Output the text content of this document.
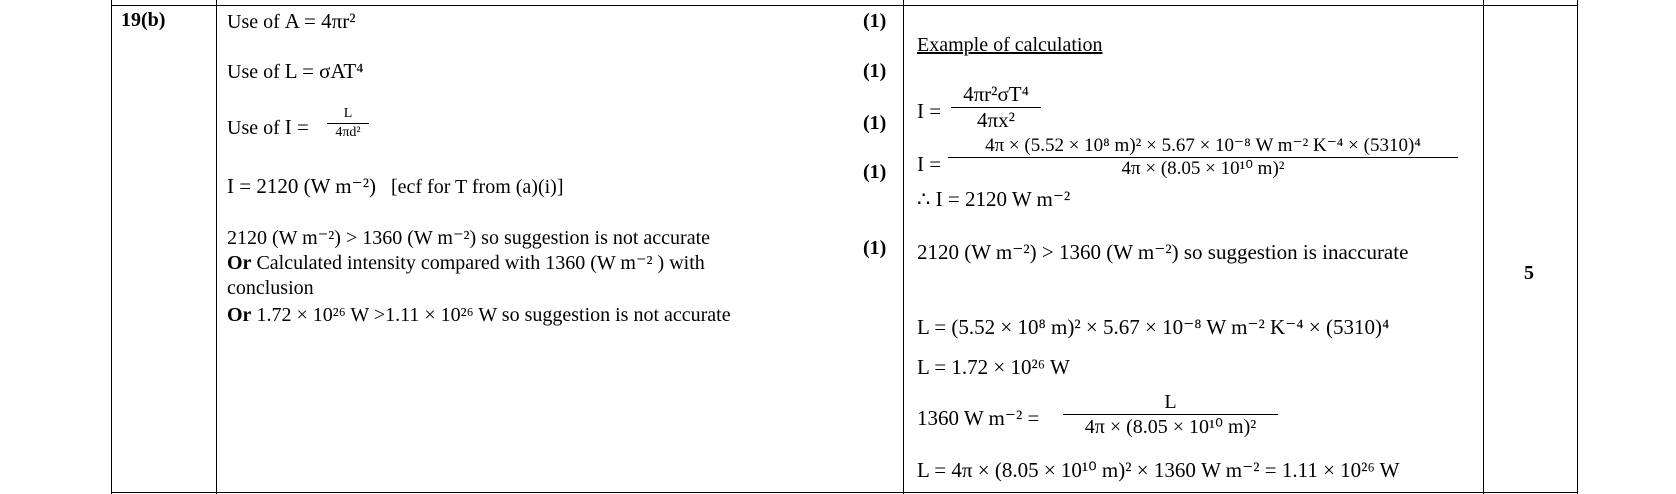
19(b)	Use of A = 4πr²
Use of L = σAT⁴
Use of I =
L
4πd²
I = 2120 (W m⁻²) [ecf for T from (a)(i)]
2120 (W m⁻²) > 1360 (W m⁻²) so suggestion is not accurate
Or Calculated intensity compared with 1360 (W m⁻² ) with
conclusion
Or 1.72 × 10²⁶ W >1.11 × 10²⁶ W so suggestion is not accurate
(1)
(1)
(1)
(1)
(1)
Example of calculation
I =
4πr²σT⁴
4πx²
I =
4π × (5.52 × 10⁸ m)² × 5.67 × 10⁻⁸ W m⁻² K⁻⁴ × (5310)⁴
4π × (8.05 × 10¹⁰ m)²
∴ I = 2120 W m⁻²
2120 (W m⁻²) > 1360 (W m⁻²) so suggestion is inaccurate
L = (5.52 × 10⁸ m)² × 5.67 × 10⁻⁸ W m⁻² K⁻⁴ × (5310)⁴
L = 1.72 × 10²⁶ W
1360 W m⁻² =
L
4π × (8.05 × 10¹⁰ m)²
L = 4π × (8.05 × 10¹⁰ m)² × 1360 W m⁻² = 1.11 × 10²⁶ W
5
